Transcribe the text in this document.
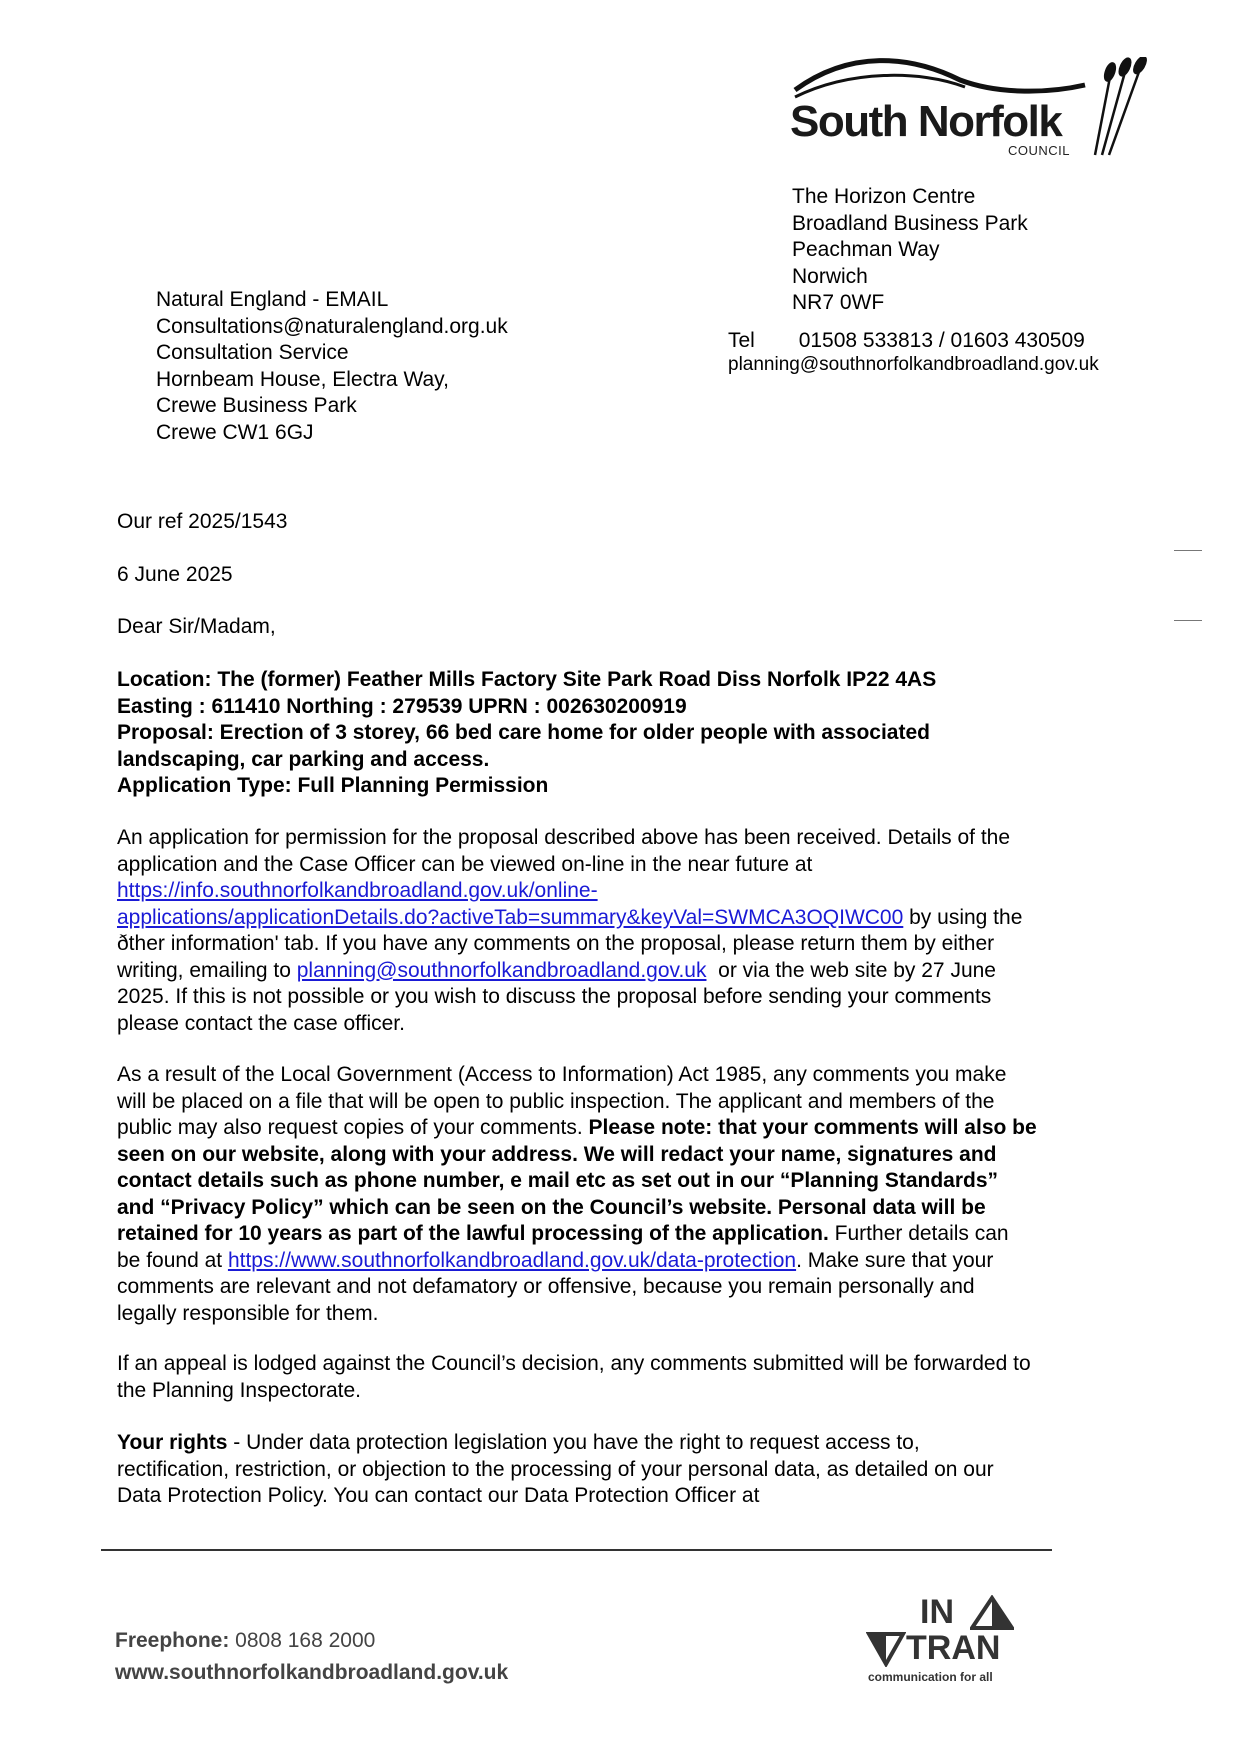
South Norfolk
COUNCIL
The Horizon Centre
Broadland Business Park
Peachman Way
Norwich
NR7 0WF
Tel 01508 533813 / 01603 430509
planning@southnorfolkandbroadland.gov.uk
Natural England - EMAIL
Consultations@naturalengland.org.uk
Consultation Service
Hornbeam House, Electra Way,
Crewe Business Park
Crewe CW1 6GJ
Our ref 2025/1543
6 June 2025
Dear Sir/Madam,
Location: The (former) Feather Mills Factory Site Park Road Diss Norfolk IP22 4AS
Easting : 611410 Northing : 279539 UPRN : 002630200919
Proposal: Erection of 3 storey, 66 bed care home for older people with associated
landscaping, car parking and access.
Application Type: Full Planning Permission
An application for permission for the proposal described above has been received. Details of the
application and the Case Officer can be viewed on-line in the near future at
https://info.southnorfolkandbroadland.gov.uk/online-
applications/applicationDetails.do?activeTab=summary&keyVal=SWMCA3OQIWC00 by using the
ðther information' tab. If you have any comments on the proposal, please return them by either
writing, emailing to planning@southnorfolkandbroadland.gov.uk  or via the web site by 27 June
2025. If this is not possible or you wish to discuss the proposal before sending your comments
please contact the case officer.
As a result of the Local Government (Access to Information) Act 1985, any comments you make
will be placed on a file that will be open to public inspection. The applicant and members of the
public may also request copies of your comments. Please note: that your comments will also be
seen on our website, along with your address. We will redact your name, signatures and
contact details such as phone number, e mail etc as set out in our “Planning Standards”
and “Privacy Policy” which can be seen on the Council’s website. Personal data will be
retained for 10 years as part of the lawful processing of the application. Further details can
be found at https://www.southnorfolkandbroadland.gov.uk/data-protection. Make sure that your
comments are relevant and not defamatory or offensive, because you remain personally and
legally responsible for them.
If an appeal is lodged against the Council’s decision, any comments submitted will be forwarded to
the Planning Inspectorate.
Your rights - Under data protection legislation you have the right to request access to,
rectification, restriction, or objection to the processing of your personal data, as detailed on our
Data Protection Policy. You can contact our Data Protection Officer at
Freephone: 0808 168 2000
www.southnorfolkandbroadland.gov.uk
IN
TRAN
communication for all
